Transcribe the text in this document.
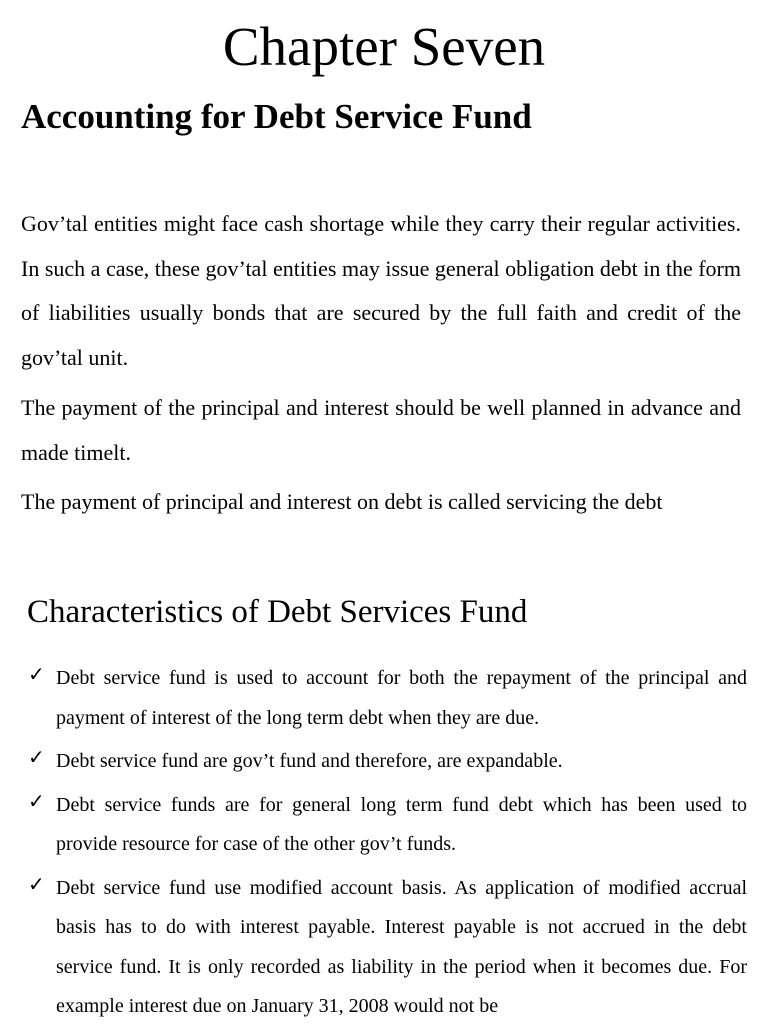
Chapter Seven
Accounting for Debt Service Fund

Gov’tal entities might face cash shortage while they carry their regular activities. In such a case, these gov’tal entities may issue general obligation debt in the form of liabilities usually bonds that are secured by the full faith and credit of the gov’tal unit.

The payment of the principal and interest should be well planned in advance and made timelt.

The payment of principal and interest on debt is called servicing the debt

Characteristics of Debt Services Fund
✓ Debt service fund is used to account for both the repayment of the principal and payment of interest of the long term debt when they are due.
✓ Debt service fund are gov’t fund and therefore, are expandable.
✓ Debt service funds are for general long term fund debt which has been used to provide resource for case of the other gov’t funds.
✓ Debt service fund use modified account basis. As application of modified accrual basis has to do with interest payable. Interest payable is not accrued in the debt service fund. It is only recorded as liability in the period when it becomes due. For example interest due on January 31, 2008 would not be
